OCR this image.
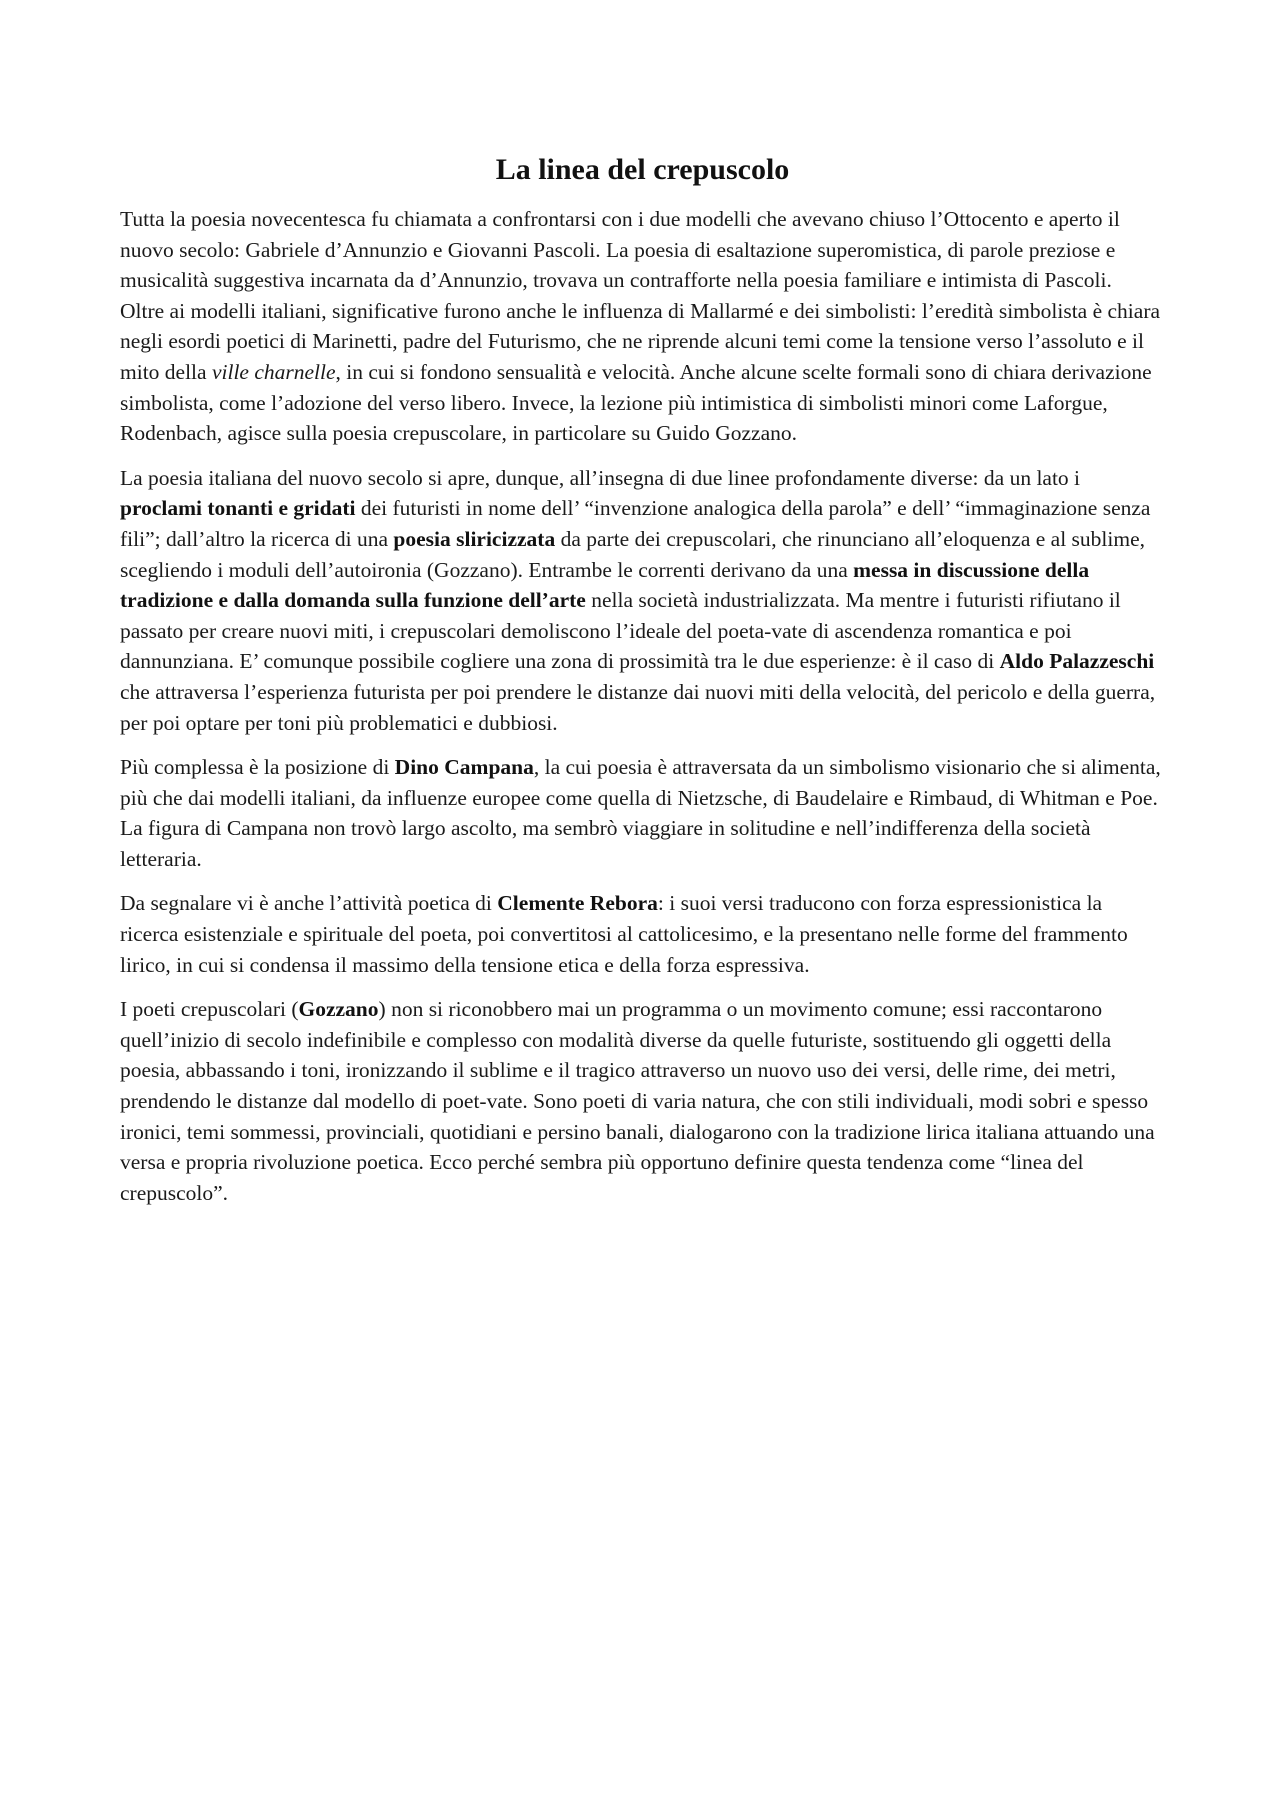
La linea del crepuscolo

Tutta la poesia novecentesca fu chiamata a confrontarsi con i due modelli che avevano chiuso l’Ottocento e aperto il nuovo secolo: Gabriele d’Annunzio e Giovanni Pascoli. La poesia di esaltazione superomistica, di parole preziose e musicalità suggestiva incarnata da d’Annunzio, trovava un contrafforte nella poesia familiare e intimista di Pascoli.
Oltre ai modelli italiani, significative furono anche le influenza di Mallarmé e dei simbolisti: l’eredità simbolista è chiara negli esordi poetici di Marinetti, padre del Futurismo, che ne riprende alcuni temi come la tensione verso l’assoluto e il mito della ville charnelle, in cui si fondono sensualità e velocità. Anche alcune scelte formali sono di chiara derivazione simbolista, come l’adozione del verso libero. Invece, la lezione più intimistica di simbolisti minori come Laforgue, Rodenbach, agisce sulla poesia crepuscolare, in particolare su Guido Gozzano.

La poesia italiana del nuovo secolo si apre, dunque, all’insegna di due linee profondamente diverse: da un lato i proclami tonanti e gridati dei futuristi in nome dell’ “invenzione analogica della parola” e dell’ “immaginazione senza fili”; dall’altro la ricerca di una poesia sliricizzata da parte dei crepuscolari, che rinunciano all’eloquenza e al sublime, scegliendo i moduli dell’autoironia (Gozzano). Entrambe le correnti derivano da una messa in discussione della tradizione e dalla domanda sulla funzione dell’arte nella società industrializzata. Ma mentre i futuristi rifiutano il passato per creare nuovi miti, i crepuscolari demoliscono l’ideale del poeta-vate di ascendenza romantica e poi dannunziana. E’ comunque possibile cogliere una zona di prossimità tra le due esperienze: è il caso di Aldo Palazzeschi che attraversa l’esperienza futurista per poi prendere le distanze dai nuovi miti della velocità, del pericolo e della guerra, per poi optare per toni più problematici e dubbiosi.

Più complessa è la posizione di Dino Campana, la cui poesia è attraversata da un simbolismo visionario che si alimenta, più che dai modelli italiani, da influenze europee come quella di Nietzsche, di Baudelaire e Rimbaud, di Whitman e Poe. La figura di Campana non trovò largo ascolto, ma sembrò viaggiare in solitudine e nell’indifferenza della società letteraria.

Da segnalare vi è anche l’attività poetica di Clemente Rebora: i suoi versi traducono con forza espressionistica la ricerca esistenziale e spirituale del poeta, poi convertitosi al cattolicesimo, e la presentano nelle forme del frammento lirico, in cui si condensa il massimo della tensione etica e della forza espressiva.

I poeti crepuscolari (Gozzano) non si riconobbero mai un programma o un movimento comune; essi raccontarono quell’inizio di secolo indefinibile e complesso con modalità diverse da quelle futuriste, sostituendo gli oggetti della poesia, abbassando i toni, ironizzando il sublime e il tragico attraverso un nuovo uso dei versi, delle rime, dei metri, prendendo le distanze dal modello di poet-vate. Sono poeti di varia natura, che con stili individuali, modi sobri e spesso ironici, temi sommessi, provinciali, quotidiani e persino banali, dialogarono con la tradizione lirica italiana attuando una versa e propria rivoluzione poetica. Ecco perché sembra più opportuno definire questa tendenza come “linea del crepuscolo”.
